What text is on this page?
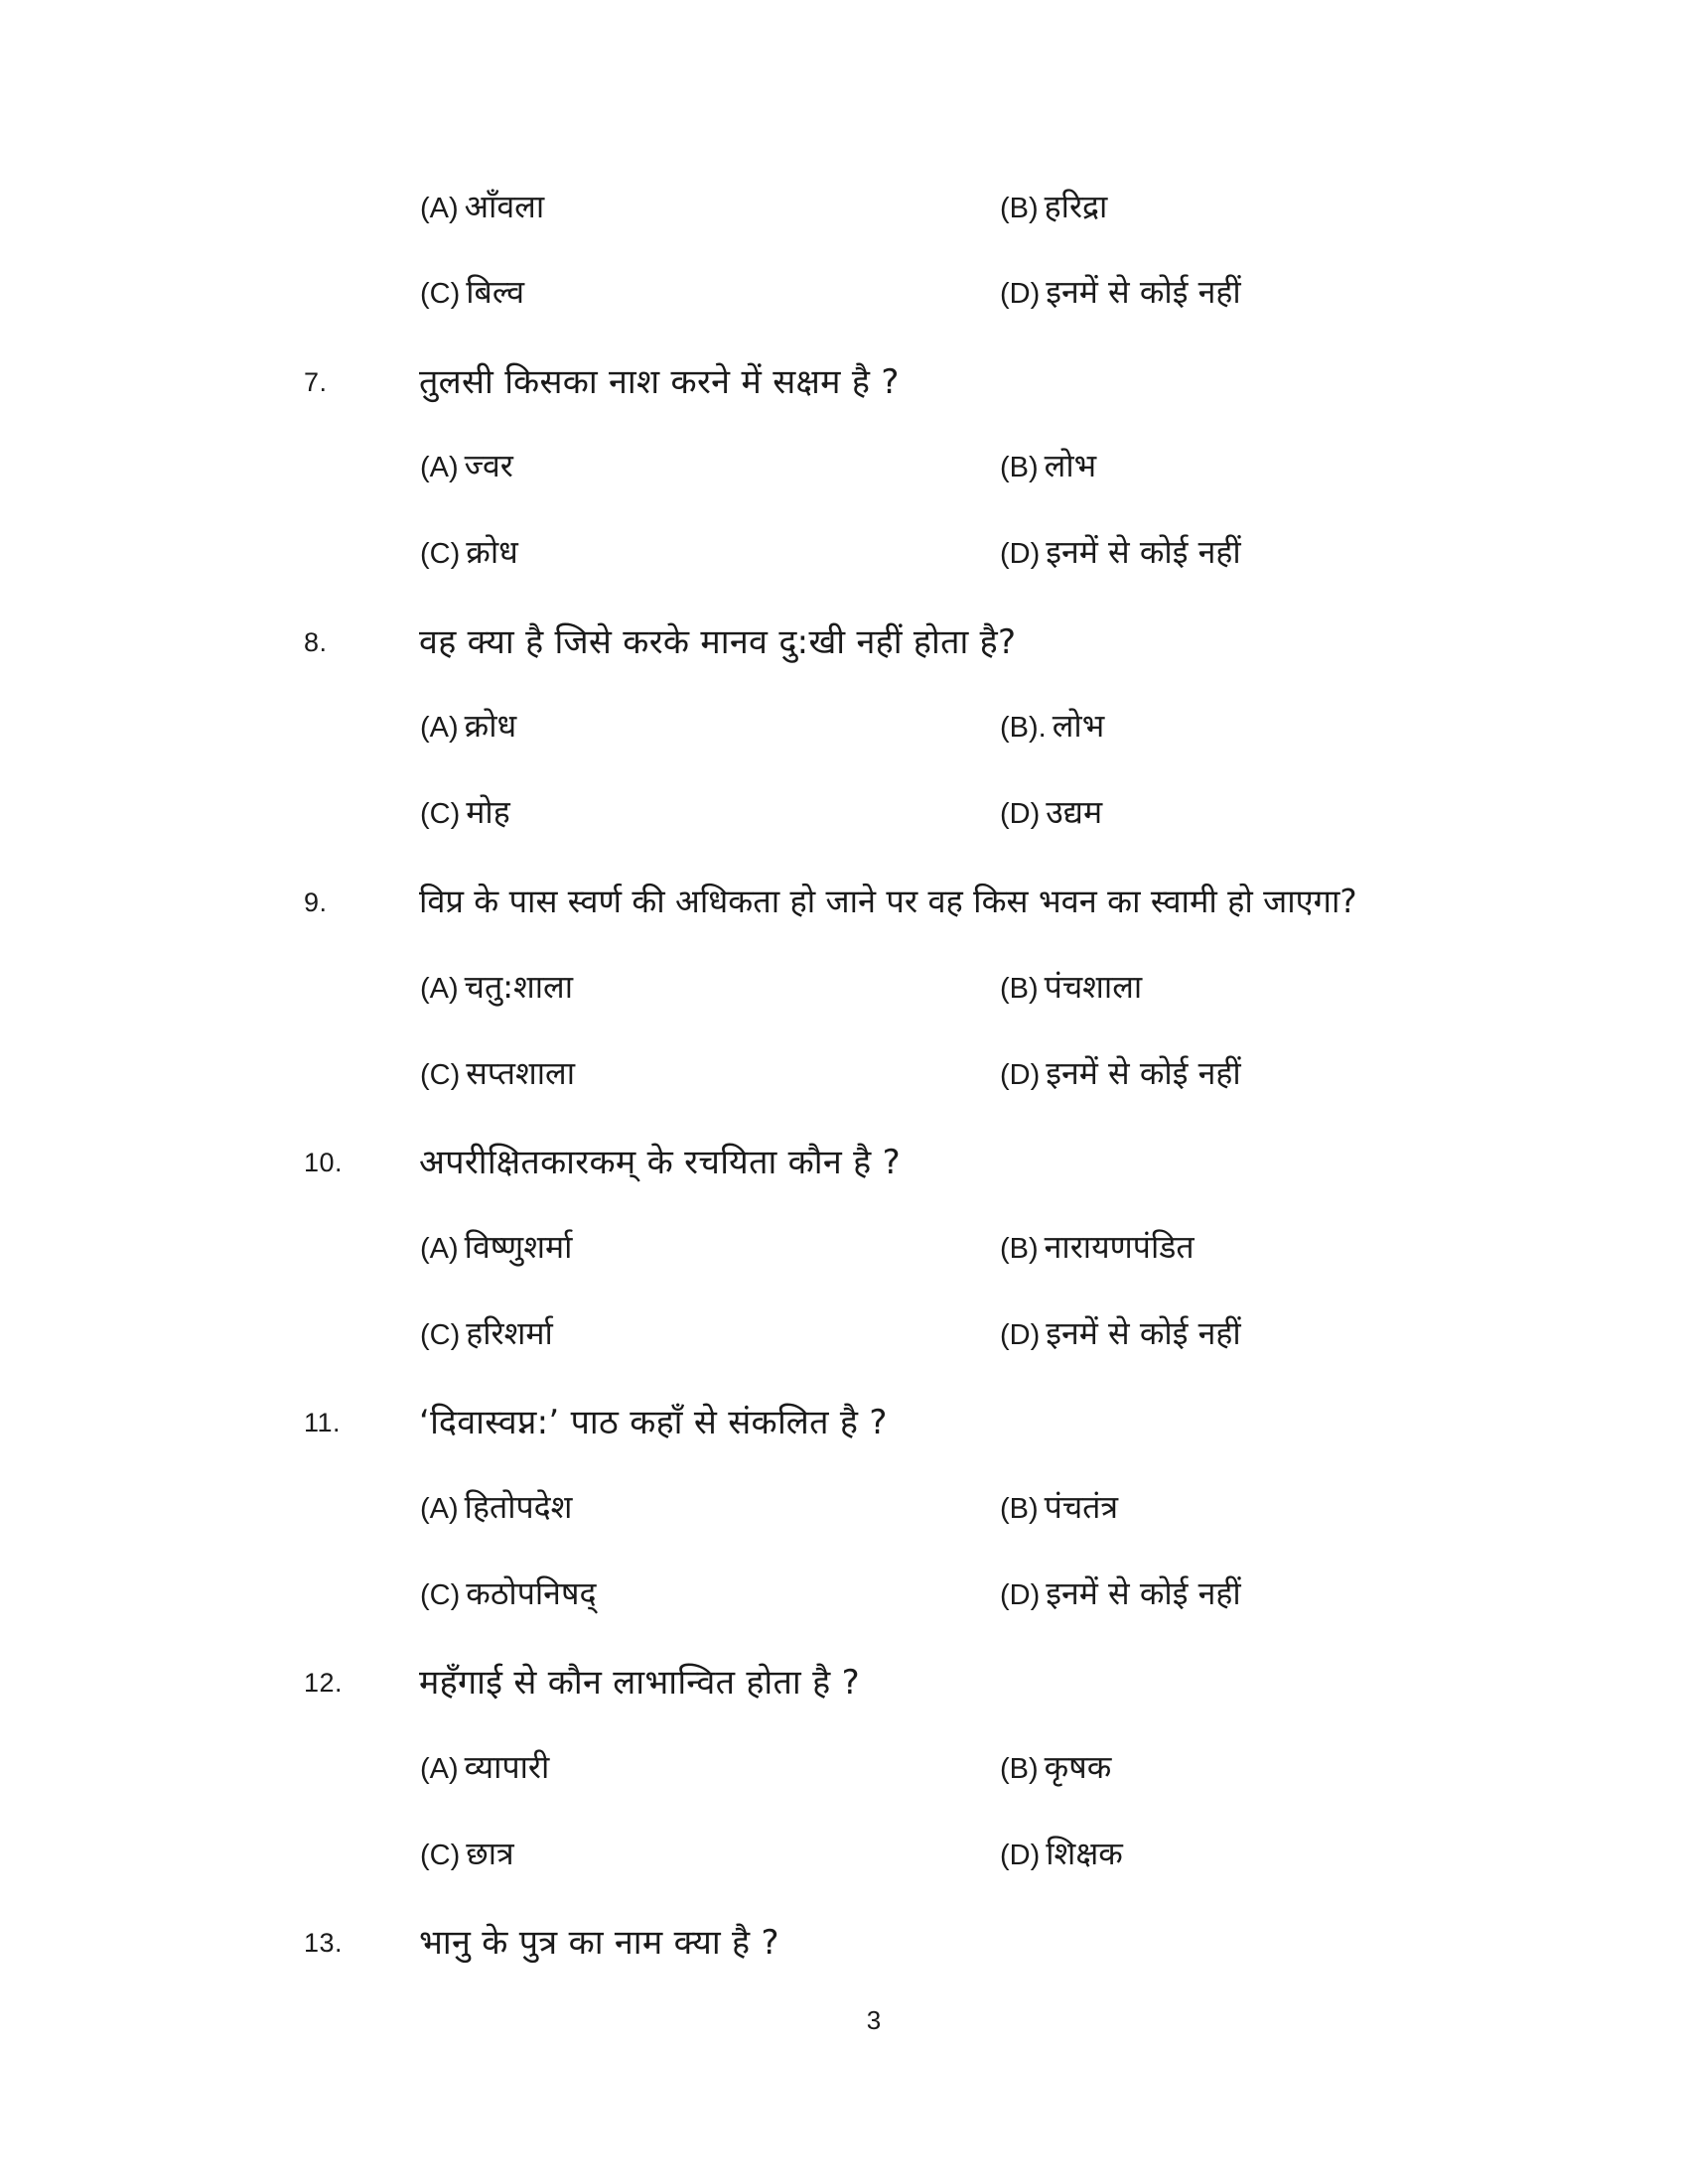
(A) आँवला	(B) हरिद्रा
(C) बिल्व	(D) इनमें से कोई नहीं
7.	तुलसी किसका नाश करने में सक्षम है ?
(A) ज्वर	(B) लोभ
(C) क्रोध	(D) इनमें से कोई नहीं
8.	वह क्या है जिसे करके मानव दु:खी नहीं होता है?
(A) क्रोध	(B). लोभ
(C) मोह	(D) उद्यम
9.	विप्र के पास स्वर्ण की अधिकता हो जाने पर वह किस भवन का स्वामी हो जाएगा?
(A) चतु:शाला	(B) पंचशाला
(C) सप्तशाला	(D) इनमें से कोई नहीं
10. अपरीक्षितकारकम् के रचयिता कौन है ?
(A) विष्णुशर्मा	(B) नारायणपंडित
(C) हरिशर्मा	(D) इनमें से कोई नहीं
11. ‘दिवास्वप्न:’ पाठ कहाँ से संकलित है ?
(A) हितोपदेश	(B) पंचतंत्र
(C) कठोपनिषद्	(D) इनमें से कोई नहीं
12. महँगाई से कौन लाभान्वित होता है ?
(A) व्यापारी	(B) कृषक
(C) छात्र	(D) शिक्षक
13. भानु के पुत्र का नाम क्या है ?
3
